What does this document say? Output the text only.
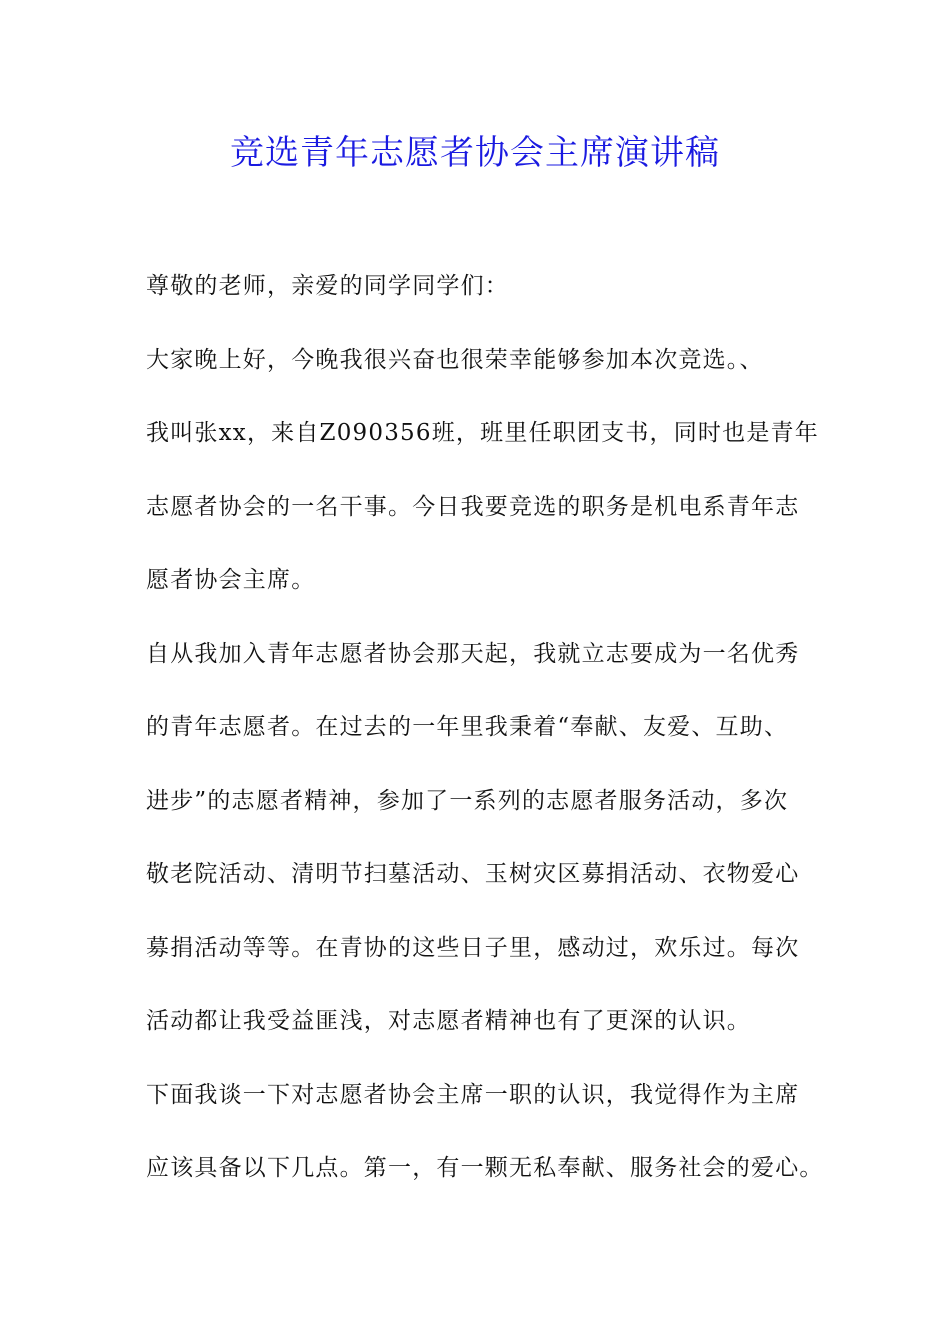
竞选青年志愿者协会主席演讲稿
尊敬的老师，亲爱的同学同学们：
大家晚上好，今晚我很兴奋也很荣幸能够参加本次竞选。、
我叫张xx，来自Z090356班，班里任职团支书，同时也是青年
志愿者协会的一名干事。今日我要竞选的职务是机电系青年志
愿者协会主席。
自从我加入青年志愿者协会那天起，我就立志要成为一名优秀
的青年志愿者。在过去的一年里我秉着“奉献、友爱、互助、
进步”的志愿者精神，参加了一系列的志愿者服务活动，多次
敬老院活动、清明节扫墓活动、玉树灾区募捐活动、衣物爱心
募捐活动等等。在青协的这些日子里，感动过，欢乐过。每次
活动都让我受益匪浅，对志愿者精神也有了更深的认识。
下面我谈一下对志愿者协会主席一职的认识，我觉得作为主席
应该具备以下几点。第一，有一颗无私奉献、服务社会的爱心。
